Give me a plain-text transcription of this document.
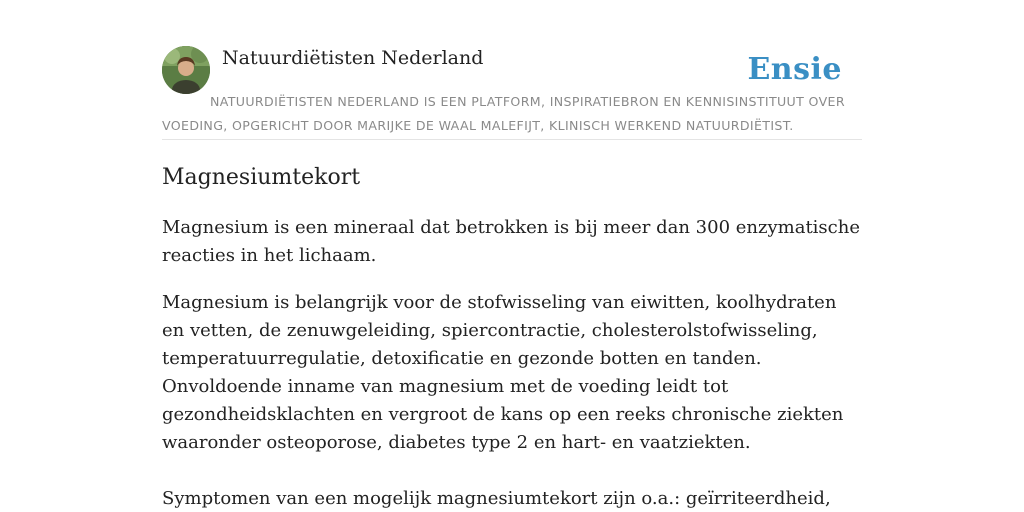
Natuurdiëtisten Nederland	Ensie
NATUURDIËTISTEN NEDERLAND IS EEN PLATFORM, INSPIRATIEBRON EN KENNISINSTITUUT OVER VOEDING, OPGERICHT DOOR MARIJKE DE WAAL MALEFIJT, KLINISCH WERKEND NATUURDIËTIST.
Magnesiumtekort

Magnesium is een mineraal dat betrokken is bij meer dan 300 enzymatische reacties in het lichaam.

Magnesium is belangrijk voor de stofwisseling van eiwitten, koolhydraten en vetten, de zenuwgeleiding, spiercontractie, cholesterolstofwisseling, temperatuurregulatie, detoxificatie en gezonde botten en tanden. Onvoldoende inname van magnesium met de voeding leidt tot gezondheidsklachten en vergroot de kans op een reeks chronische ziekten waaronder osteoporose, diabetes type 2 en hart- en vaatziekten.

Symptomen van een mogelijk magnesiumtekort zijn o.a.: geïrriteerdheid,
